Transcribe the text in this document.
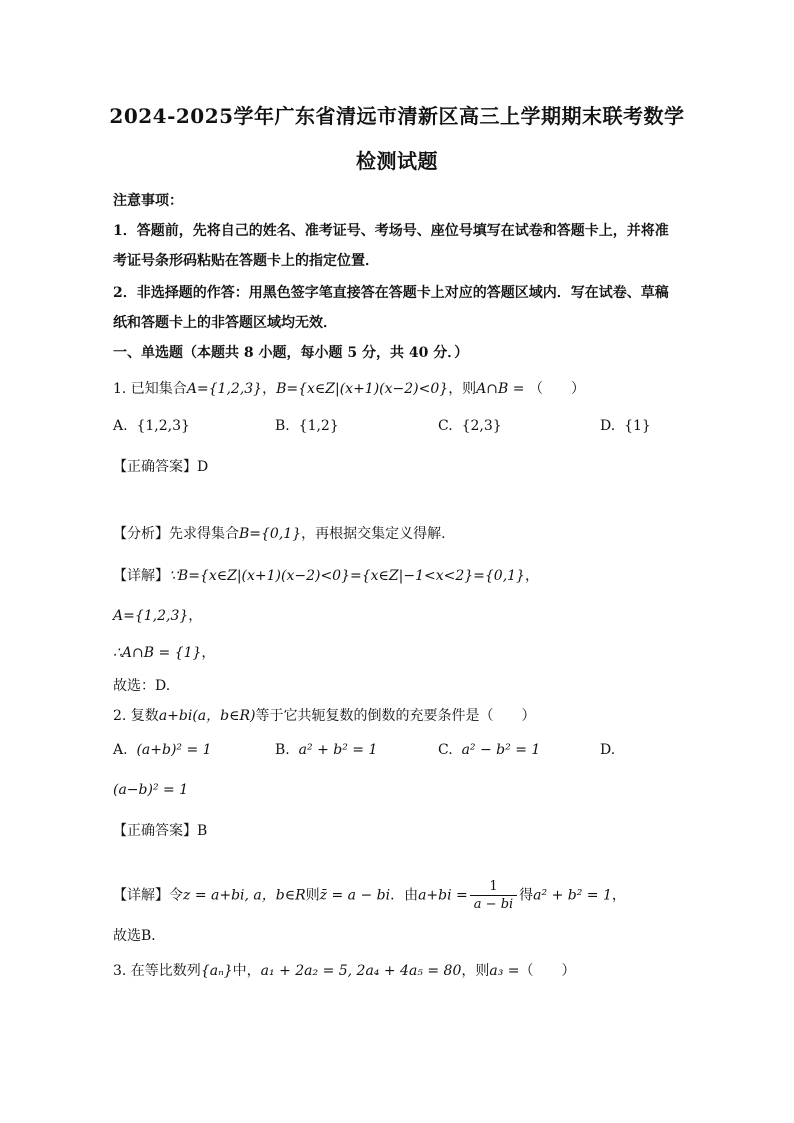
2024-2025学年广东省清远市清新区高三上学期期末联考数学
检测试题
注意事项：
1．答题前，先将自己的姓名、准考证号、考场号、座位号填写在试卷和答题卡上，并将准
考证号条形码粘贴在答题卡上的指定位置．
2．非选择题的作答：用黑色签字笔直接答在答题卡上对应的答题区域内．写在试卷、草稿
纸和答题卡上的非答题区域均无效．
一、单选题（本题共 8 小题，每小题 5 分，共 40 分．）
1. 已知集合A={1,2,3}，B={x∈Z|(x+1)(x−2)<0}，则A∩B = （　　）
A. {1,2,3}	B. {1,2}	C. {2,3}	D. {1}
【正确答案】D
【分析】先求得集合B={0,1}，再根据交集定义得解.
【详解】∵B={x∈Z|(x+1)(x−2)<0}={x∈Z|−1<x<2}={0,1}，
A={1,2,3}，
∴A∩B = {1}，
故选：D.
2. 复数a+bi(a，b∈R)等于它共轭复数的倒数的充要条件是（　　）
A. (a+b)² = 1	B. a² + b² = 1	C. a² − b² = 1	D.
(a−b)² = 1
【正确答案】B
【详解】令z = a+bi, a，b∈R则z̄ = a − bi．由$a+bi = \frac{1}{a - bi}$ 得a² + b² = 1，
故选B．
3. 在等比数列{aₙ}中，a₁ + 2a₂ = 5, 2a₄ + 4a₅ = 80，则a₃ =（　　）
